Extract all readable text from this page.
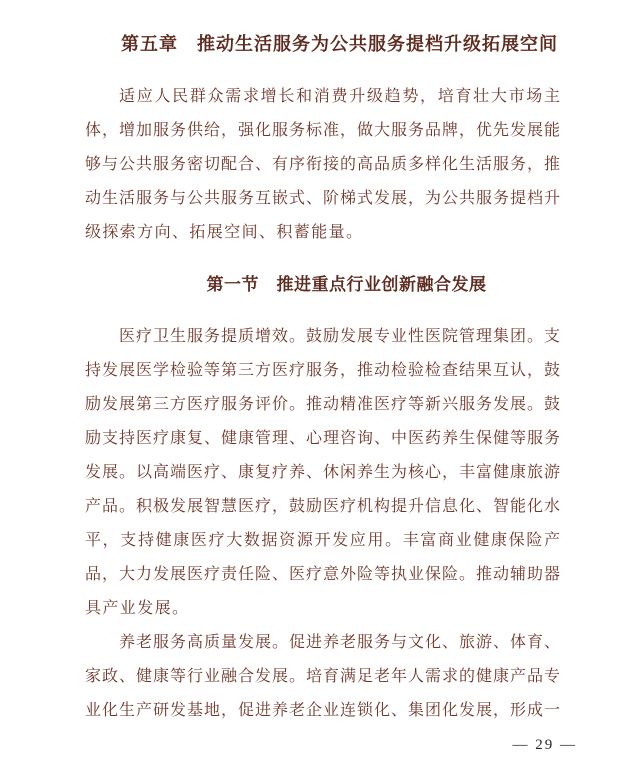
第五章　推动生活服务为公共服务提档升级拓展空间
适应人民群众需求增长和消费升级趋势，培育壮大市场主
体，增加服务供给，强化服务标准，做大服务品牌，优先发展能
够与公共服务密切配合、有序衔接的高品质多样化生活服务，推
动生活服务与公共服务互嵌式、阶梯式发展，为公共服务提档升
级探索方向、拓展空间、积蓄能量。
第一节　推进重点行业创新融合发展
医疗卫生服务提质增效。鼓励发展专业性医院管理集团。支
持发展医学检验等第三方医疗服务，推动检验检查结果互认，鼓
励发展第三方医疗服务评价。推动精准医疗等新兴服务发展。鼓
励支持医疗康复、健康管理、心理咨询、中医药养生保健等服务
发展。以高端医疗、康复疗养、休闲养生为核心，丰富健康旅游
产品。积极发展智慧医疗，鼓励医疗机构提升信息化、智能化水
平，支持健康医疗大数据资源开发应用。丰富商业健康保险产
品，大力发展医疗责任险、医疗意外险等执业保险。推动辅助器
具产业发展。
养老服务高质量发展。促进养老服务与文化、旅游、体育、
家政、健康等行业融合发展。培育满足老年人需求的健康产品专
业化生产研发基地，促进养老企业连锁化、集团化发展，形成一
— 29 —
